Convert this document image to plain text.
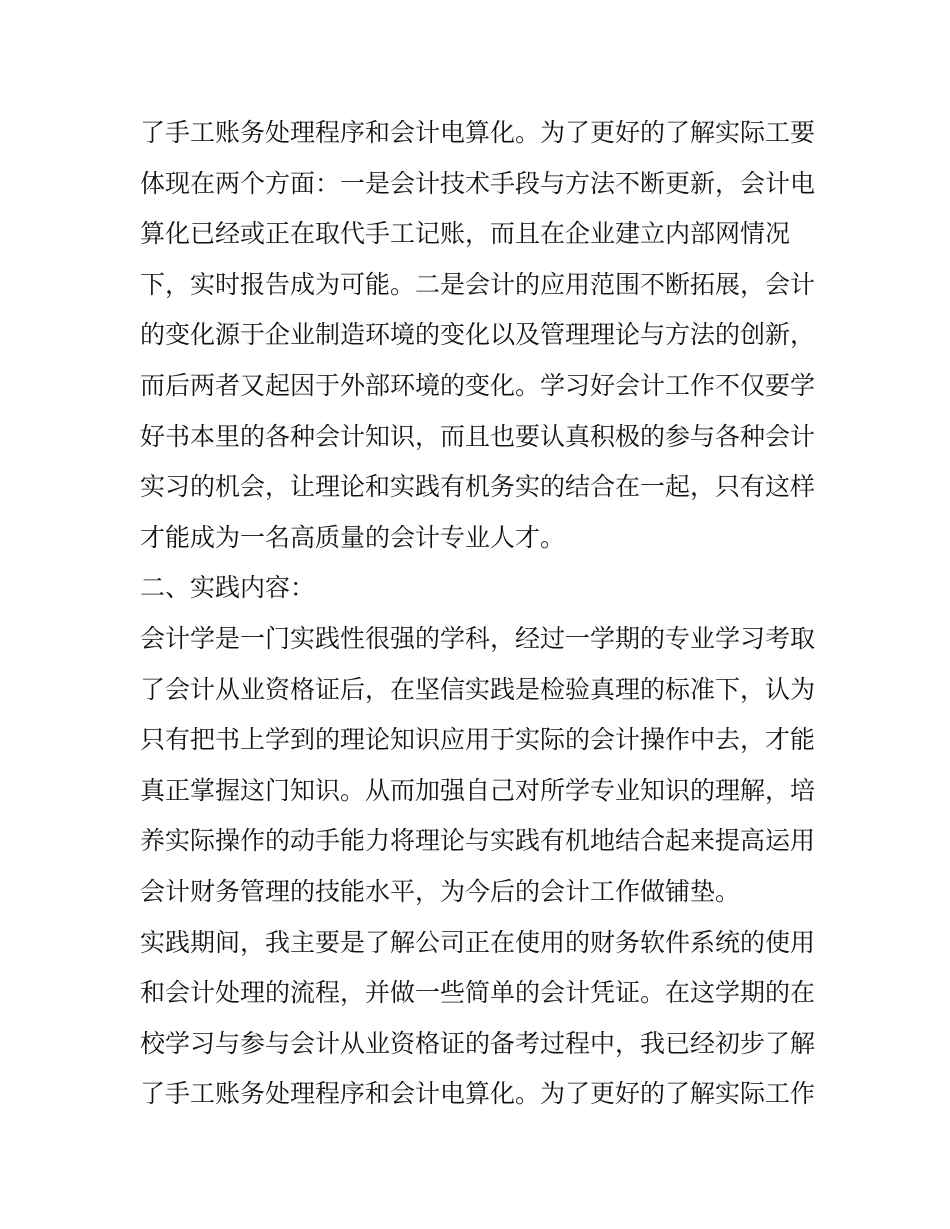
了手工账务处理程序和会计电算化。为了更好的了解实际工要
体现在两个方面：一是会计技术手段与方法不断更新，会计电
算化已经或正在取代手工记账，而且在企业建立内部网情况
下，实时报告成为可能。二是会计的应用范围不断拓展，会计
的变化源于企业制造环境的变化以及管理理论与方法的创新，
而后两者又起因于外部环境的变化。学习好会计工作不仅要学
好书本里的各种会计知识，而且也要认真积极的参与各种会计
实习的机会，让理论和实践有机务实的结合在一起，只有这样
才能成为一名高质量的会计专业人才。
二、实践内容：
会计学是一门实践性很强的学科，经过一学期的专业学习考取
了会计从业资格证后，在坚信实践是检验真理的标准下，认为
只有把书上学到的理论知识应用于实际的会计操作中去，才能
真正掌握这门知识。从而加强自己对所学专业知识的理解，培
养实际操作的动手能力将理论与实践有机地结合起来提高运用
会计财务管理的技能水平，为今后的会计工作做铺垫。
实践期间，我主要是了解公司正在使用的财务软件系统的使用
和会计处理的流程，并做一些简单的会计凭证。在这学期的在
校学习与参与会计从业资格证的备考过程中，我已经初步了解
了手工账务处理程序和会计电算化。为了更好的了解实际工作
